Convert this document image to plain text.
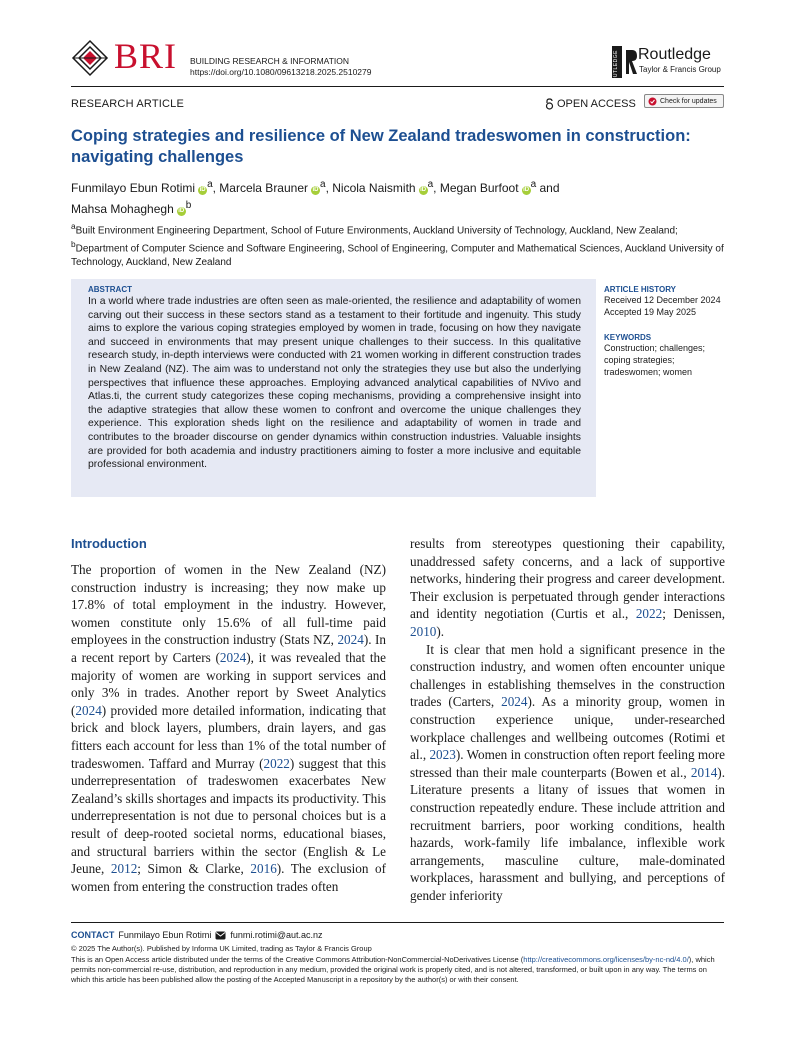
BRI BUILDING RESEARCH & INFORMATION
https://doi.org/10.1080/09613218.2025.2510279	ROUTLEDGE Routledge
Taylor & Francis Group
RESEARCH ARTICLE	OPEN ACCESS	Check for updates
Coping strategies and resilience of New Zealand tradeswomen in construction: navigating challenges
Funmilayo Ebun Rotimi iD $^a$, Marcela Brauner iD $^a$, Nicola Naismith iD $^a$, Megan Burfoot iD $^a$ and
Mahsa Mohaghegh iD $^b$
$^a$Built Environment Engineering Department, School of Future Environments, Auckland University of Technology, Auckland, New Zealand; $^b$Department of Computer Science and Software Engineering, School of Engineering, Computer and Mathematical Sciences, Auckland University of Technology, Auckland, New Zealand
ABSTRACT
In a world where trade industries are often seen as male-oriented, the resilience and adaptability of women carving out their success in these sectors stand as a testament to their fortitude and ingenuity. This study aims to explore the various coping strategies employed by women in trade, focusing on how they navigate and succeed in environments that may present unique challenges to their success. In this qualitative research study, in-depth interviews were conducted with 21 women working in different construction trades in New Zealand (NZ). The aim was to understand not only the strategies they use but also the underlying perspectives that influence these approaches. Employing advanced analytical capabilities of NVivo and Atlas.ti, the current study categorizes these coping mechanisms, providing a comprehensive insight into the adaptive strategies that allow these women to confront and overcome the unique challenges they experience. This exploration sheds light on the resilience and adaptability of women in trade and contributes to the broader discourse on gender dynamics within construction industries. Valuable insights are provided for both academia and industry practitioners aiming to foster a more inclusive and equitable professional environment.
ARTICLE HISTORY
Received 12 December 2024
Accepted 19 May 2025
KEYWORDS
Construction; challenges; coping strategies; tradeswomen; women
Introduction

The proportion of women in the New Zealand (NZ) construction industry is increasing; they now make up 17.8% of total employment in the industry. However, women constitute only 15.6% of all full-time paid employees in the construction industry (Stats NZ, 2024). In a recent report by Carters (2024), it was revealed that the majority of women are working in support services and only 3% in trades. Another report by Sweet Analytics (2024) provided more detailed information, indicating that brick and block layers, plumbers, drain layers, and gas fitters each account for less than 1% of the total number of tradeswomen. Taffard and Murray (2022) suggest that this underrepresentation of tradeswomen exacerbates New Zealand’s skills shortages and impacts its productivity. This underrepresentation is not due to personal choices but is a result of deep-rooted societal norms, educational biases, and structural barriers within the sector (English & Le Jeune, 2012; Simon & Clarke, 2016). The exclusion of women from entering the construction trades often

results from stereotypes questioning their capability, unaddressed safety concerns, and a lack of supportive networks, hindering their progress and career development. Their exclusion is perpetuated through gender interactions and identity negotiation (Curtis et al., 2022; Denissen, 2010).

It is clear that men hold a significant presence in the construction industry, and women often encounter unique challenges in establishing themselves in the construction trades (Carters, 2024). As a minority group, women in construction experience unique, under-researched workplace challenges and wellbeing outcomes (Rotimi et al., 2023). Women in construction often report feeling more stressed than their male counterparts (Bowen et al., 2014). Literature presents a litany of issues that women in construction repeatedly endure. These include attrition and recruitment barriers, poor working conditions, health hazards, work-family life imbalance, inflexible work arrangements, masculine culture, male-dominated workplaces, harassment and bullying, and perceptions of gender inferiority

CONTACT Funmilayo Ebun Rotimi funmi.rotimi@aut.ac.nz
© 2025 The Author(s). Published by Informa UK Limited, trading as Taylor & Francis Group
This is an Open Access article distributed under the terms of the Creative Commons Attribution-NonCommercial-NoDerivatives License (http://creativecommons.org/licenses/by-nc-nd/4.0/), which permits non-commercial re-use, distribution, and reproduction in any medium, provided the original work is properly cited, and is not altered, transformed, or built upon in any way. The terms on which this article has been published allow the posting of the Accepted Manuscript in a repository by the author(s) or with their consent.
